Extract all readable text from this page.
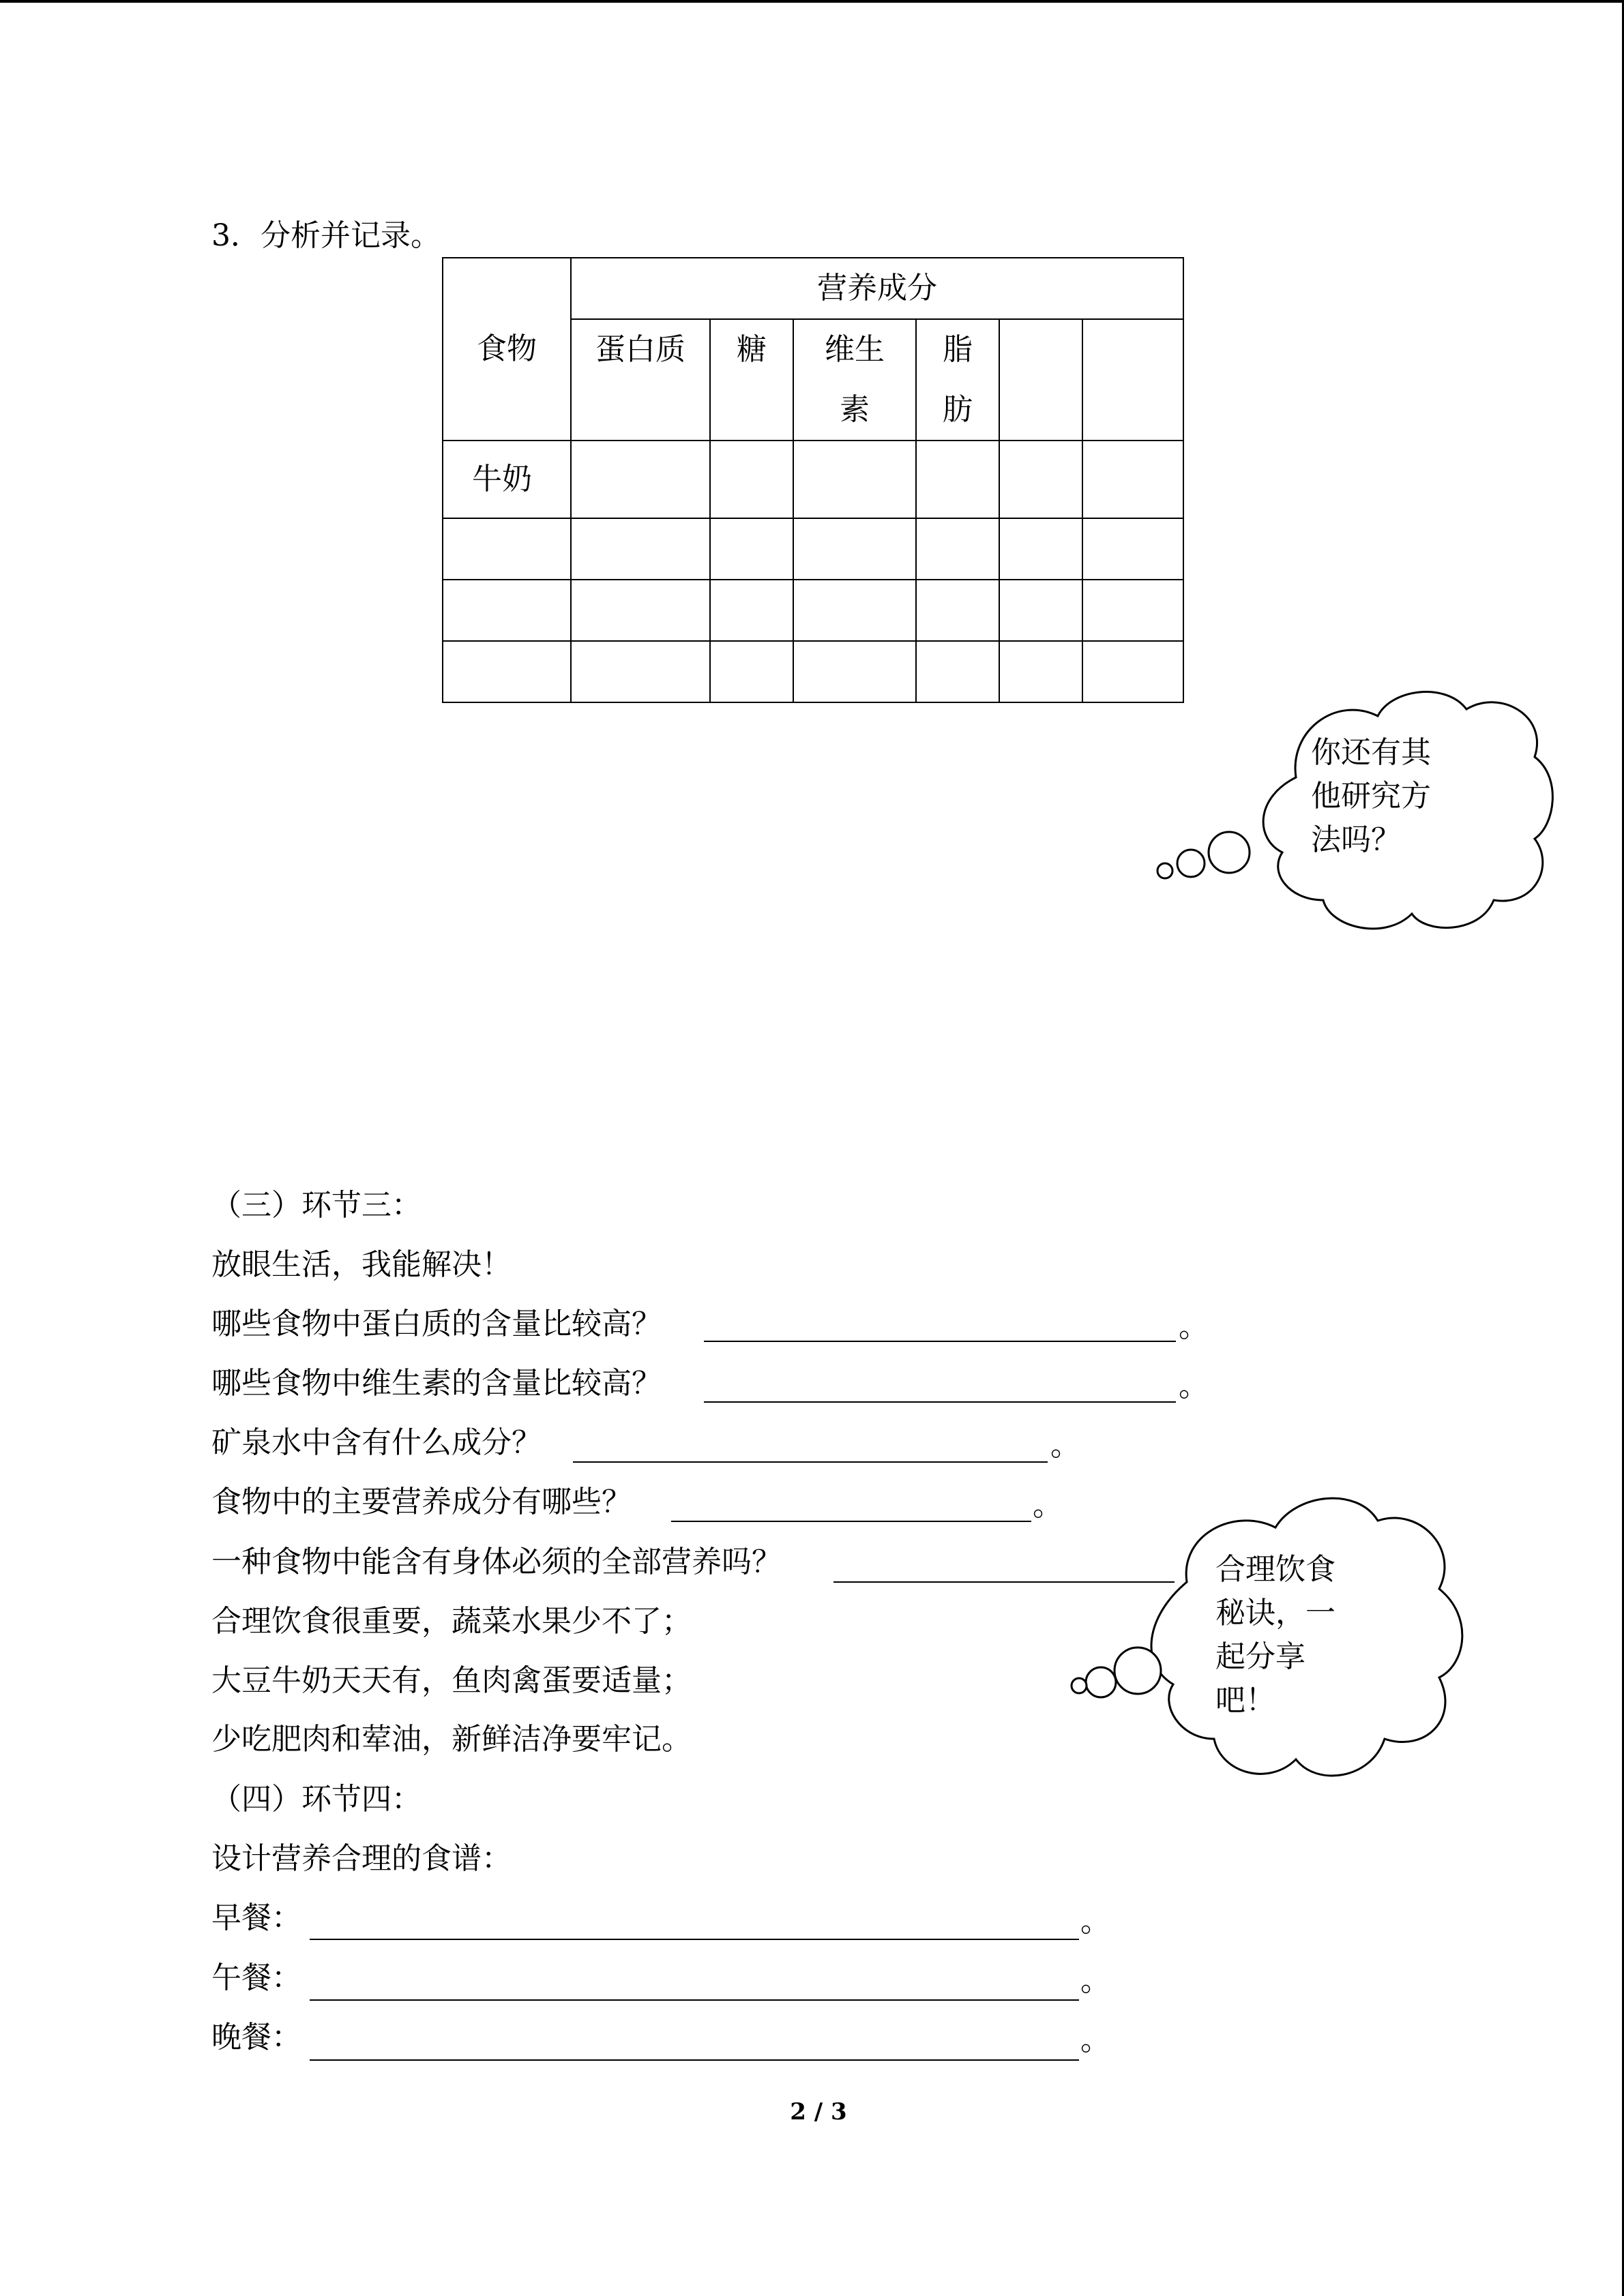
3．分析并记录。
食物	营养成分					
	蛋白质	糖	维生素	脂肪		
牛奶						

你还有其他研究方法吗？
（三）环节三：
放眼生活，我能解决！
哪些食物中蛋白质的含量比较高？	。
哪些食物中维生素的含量比较高？	。
矿泉水中含有什么成分？	。
食物中的主要营养成分有哪些？	。
一种食物中能含有身体必须的全部营养吗？
合理饮食很重要，蔬菜水果少不了；
大豆牛奶天天有，鱼肉禽蛋要适量；
少吃肥肉和荤油，新鲜洁净要牢记。
合理饮食秘诀，一起分享吧！
（四）环节四：
设计营养合理的食谱：
早餐：	。
午餐：	。
晚餐：	。
2 / 3
